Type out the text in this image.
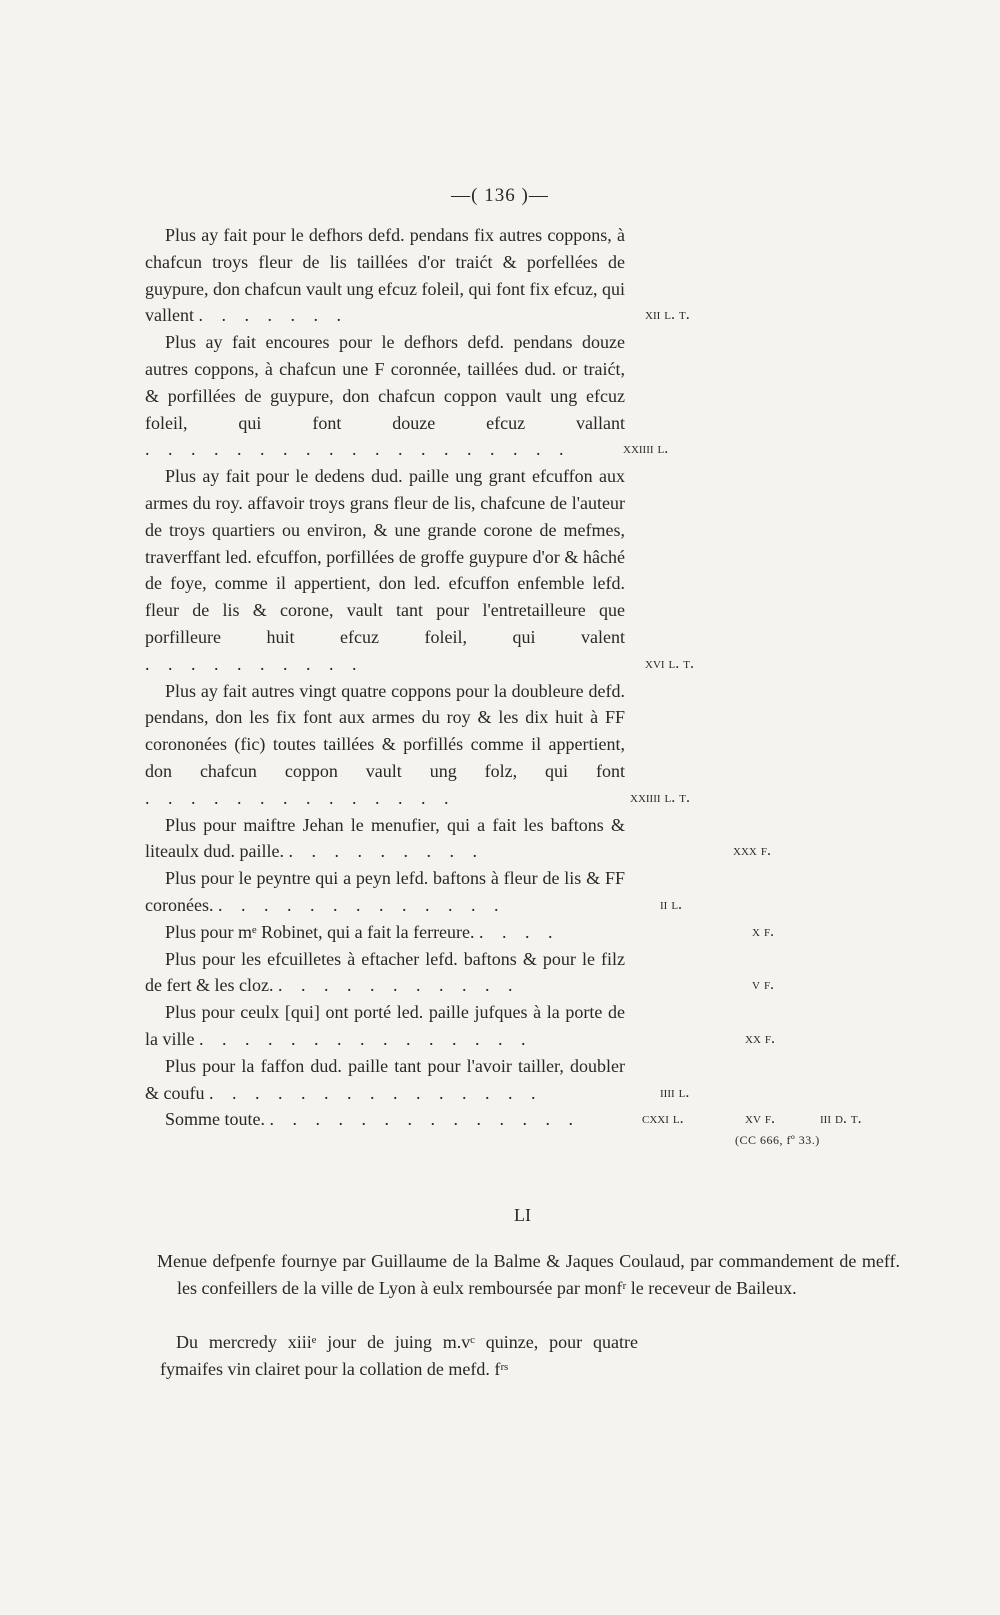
—( 136 )—

Plus ay fait pour le defhors defd. pendans fix autres coppons, à chafcun troys fleur de lis taillées d'or traićt & porfellées de guypure, don chafcun vault ung efcuz foleil, qui font fix efcuz, qui vallent . . . . . . .	xii l. t.

Plus ay fait encoures pour le defhors defd. pendans douze autres coppons, à chafcun une F coronnée, taillées dud. or traićt, & porfillées de guypure, don chafcun coppon vault ung efcuz foleil, qui font douze efcuz vallant . . . . . . . . . . . . . . . . . . .	xxiiii l.

Plus ay fait pour le dedens dud. paille ung grant efcuffon aux armes du roy. affavoir troys grans fleur de lis, chafcune de l'auteur de troys quartiers ou environ, & une grande corone de mefmes, traverffant led. efcuffon, porfillées de groffe guypure d'or & hâché de foye, comme il appertient, don led. efcuffon enfemble lefd. fleur de lis & corone, vault tant pour l'entretailleure que porfilleure huit efcuz foleil, qui valent . . . . . . . . . .	xvi l. t.

Plus ay fait autres vingt quatre coppons pour la doubleure defd. pendans, don les fix font aux armes du roy & les dix huit à FF corononées (fic) toutes taillées & porfillés comme il appertient, don chafcun coppon vault ung folz, qui font . . . . . . . . . . . . . .	xxiiii l. t.

Plus pour maiftre Jehan le menufier, qui a fait les baftons & liteaulx dud. paille. . . . . . . . . .	xxx f.

Plus pour le peyntre qui a peyn lefd. baftons à fleur de lis & FF coronées. . . . . . . . . . . . . .	ii l.

Plus pour mᵉ Robinet, qui a fait la ferreure. . . . .	x f.

Plus pour les efcuilletes à eftacher lefd. baftons & pour le filz de fert & les cloz. . . . . . . . . . . .	v f.

Plus pour ceulx [qui] ont porté led. paille jufques à la porte de la ville . . . . . . . . . . . . . . .	xx f.

Plus pour la faffon dud. paille tant pour l'avoir tailler, doubler & coufu . . . . . . . . . . . . . . .	iiii l.

Somme toute. . . . . . . . . . . . . . .	cxxi l.	xv f.	iii d. t.
(CC 666, fº 33.)
LI
Menue defpenfe fournye par Guillaume de la Balme & Jaques Coulaud, par commandement de meff. les confeillers de la ville de Lyon à eulx remboursée par monfʳ le receveur de Baileux.

Du mercredy xiiiᵉ jour de juing m.vᶜ quinze, pour quatre fymaifes vin clairet pour la collation de mefd. fʳˢ
